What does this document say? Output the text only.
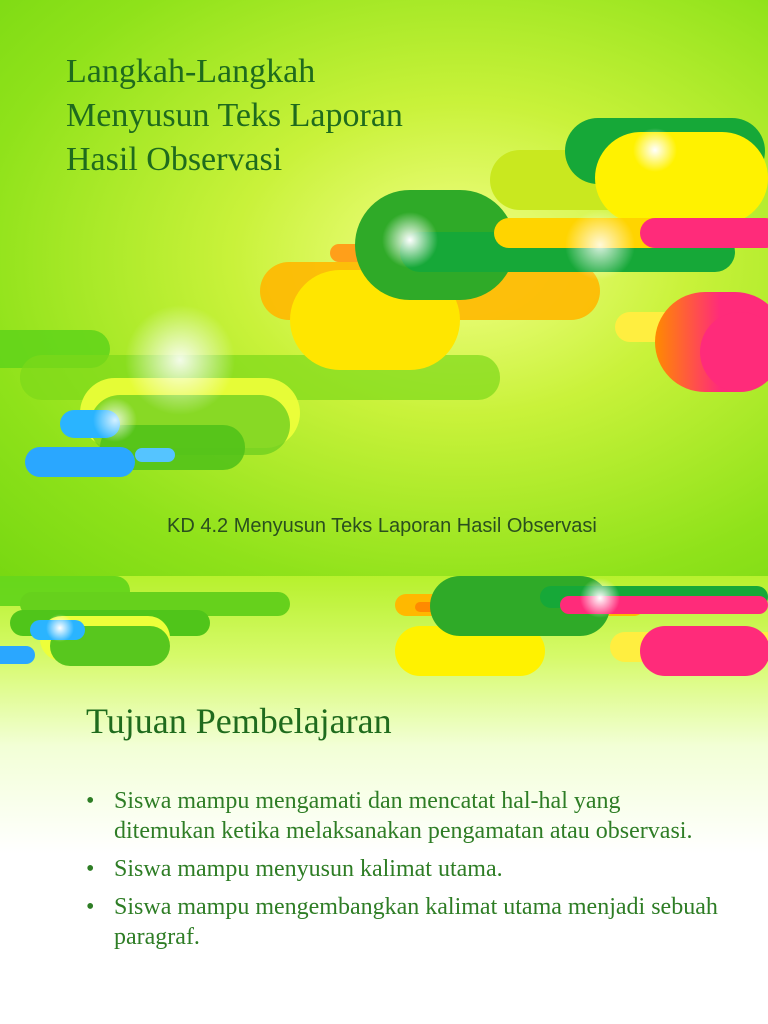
Langkah-Langkah
Menyusun Teks Laporan
Hasil Observasi

KD 4.2 Menyusun Teks Laporan Hasil Observasi

Tujuan Pembelajaran
• Siswa mampu mengamati dan mencatat hal-hal yang ditemukan ketika melaksanakan pengamatan atau observasi.
• Siswa mampu menyusun kalimat utama.
• Siswa mampu mengembangkan kalimat utama menjadi sebuah paragraf.
